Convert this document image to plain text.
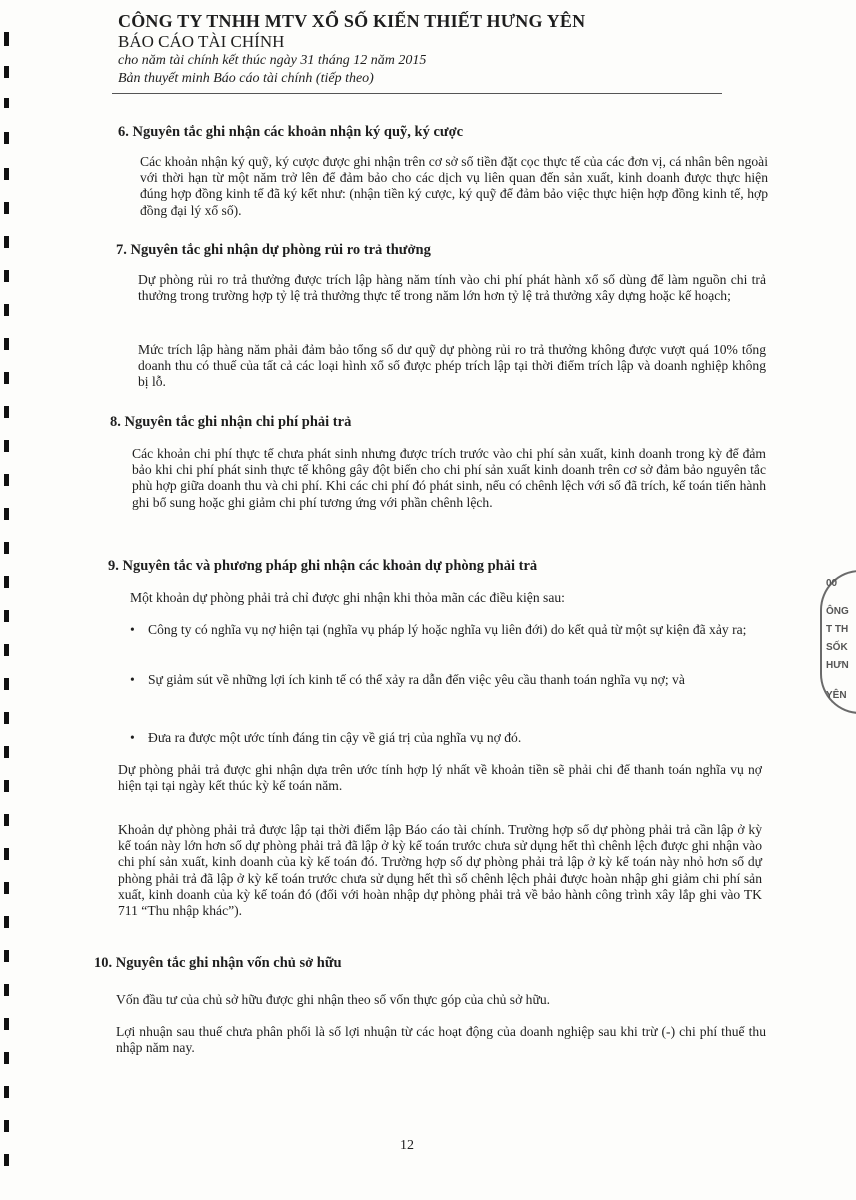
CÔNG TY TNHH MTV XỔ SỐ KIẾN THIẾT HƯNG YÊN
BÁO CÁO TÀI CHÍNH
cho năm tài chính kết thúc ngày 31 tháng 12 năm 2015
Bản thuyết minh Báo cáo tài chính (tiếp theo)
6. Nguyên tắc ghi nhận các khoản nhận ký quỹ, ký cược
Các khoản nhận ký quỹ, ký cược được ghi nhận trên cơ sở số tiền đặt cọc thực tế của các đơn vị, cá nhân bên ngoài với thời hạn từ một năm trở lên để đảm bảo cho các dịch vụ liên quan đến sản xuất, kinh doanh được thực hiện đúng hợp đồng kinh tế đã ký kết như: (nhận tiền ký cược, ký quỹ để đảm bảo việc thực hiện hợp đồng kinh tế, hợp đồng đại lý xổ số).
7. Nguyên tắc ghi nhận dự phòng rủi ro trả thưởng
Dự phòng rủi ro trả thưởng được trích lập hàng năm tính vào chi phí phát hành xổ số dùng để làm nguồn chi trả thưởng trong trường hợp tỷ lệ trả thưởng thực tế trong năm lớn hơn tỷ lệ trả thưởng xây dựng hoặc kế hoạch;
Mức trích lập hàng năm phải đảm bảo tổng số dư quỹ dự phòng rủi ro trả thưởng không được vượt quá 10% tổng doanh thu có thuế của tất cả các loại hình xổ số được phép trích lập tại thời điểm trích lập và doanh nghiệp không bị lỗ.
8. Nguyên tắc ghi nhận chi phí phải trả
Các khoản chi phí thực tế chưa phát sinh nhưng được trích trước vào chi phí sản xuất, kinh doanh trong kỳ để đảm bảo khi chi phí phát sinh thực tế không gây đột biến cho chi phí sản xuất kinh doanh trên cơ sở đảm bảo nguyên tắc phù hợp giữa doanh thu và chi phí. Khi các chi phí đó phát sinh, nếu có chênh lệch với số đã trích, kế toán tiến hành ghi bổ sung hoặc ghi giảm chi phí tương ứng với phần chênh lệch.
9. Nguyên tắc và phương pháp ghi nhận các khoản dự phòng phải trả
Một khoản dự phòng phải trả chỉ được ghi nhận khi thỏa mãn các điều kiện sau:
• Công ty có nghĩa vụ nợ hiện tại (nghĩa vụ pháp lý hoặc nghĩa vụ liên đới) do kết quả từ một sự kiện đã xảy ra;
• Sự giảm sút về những lợi ích kinh tế có thể xảy ra dẫn đến việc yêu cầu thanh toán nghĩa vụ nợ; và
• Đưa ra được một ước tính đáng tin cậy về giá trị của nghĩa vụ nợ đó.
Dự phòng phải trả được ghi nhận dựa trên ước tính hợp lý nhất về khoản tiền sẽ phải chi để thanh toán nghĩa vụ nợ hiện tại tại ngày kết thúc kỳ kế toán năm.
Khoản dự phòng phải trả được lập tại thời điểm lập Báo cáo tài chính. Trường hợp số dự phòng phải trả cần lập ở kỳ kế toán này lớn hơn số dự phòng phải trả đã lập ở kỳ kế toán trước chưa sử dụng hết thì chênh lệch được ghi nhận vào chi phí sản xuất, kinh doanh của kỳ kế toán đó. Trường hợp số dự phòng phải trả lập ở kỳ kế toán này nhỏ hơn số dự phòng phải trả đã lập ở kỳ kế toán trước chưa sử dụng hết thì số chênh lệch phải được hoàn nhập ghi giảm chi phí sản xuất, kinh doanh của kỳ kế toán đó (đối với hoàn nhập dự phòng phải trả về bảo hành công trình xây lắp ghi vào TK 711 “Thu nhập khác”).
10. Nguyên tắc ghi nhận vốn chủ sở hữu
Vốn đầu tư của chủ sở hữu được ghi nhận theo số vốn thực góp của chủ sở hữu.
Lợi nhuận sau thuế chưa phân phối là số lợi nhuận từ các hoạt động của doanh nghiệp sau khi trừ (-) chi phí thuế thu nhập năm nay.
12
00
ÔNG
T TH
SỐK
HƯN
YÊN
